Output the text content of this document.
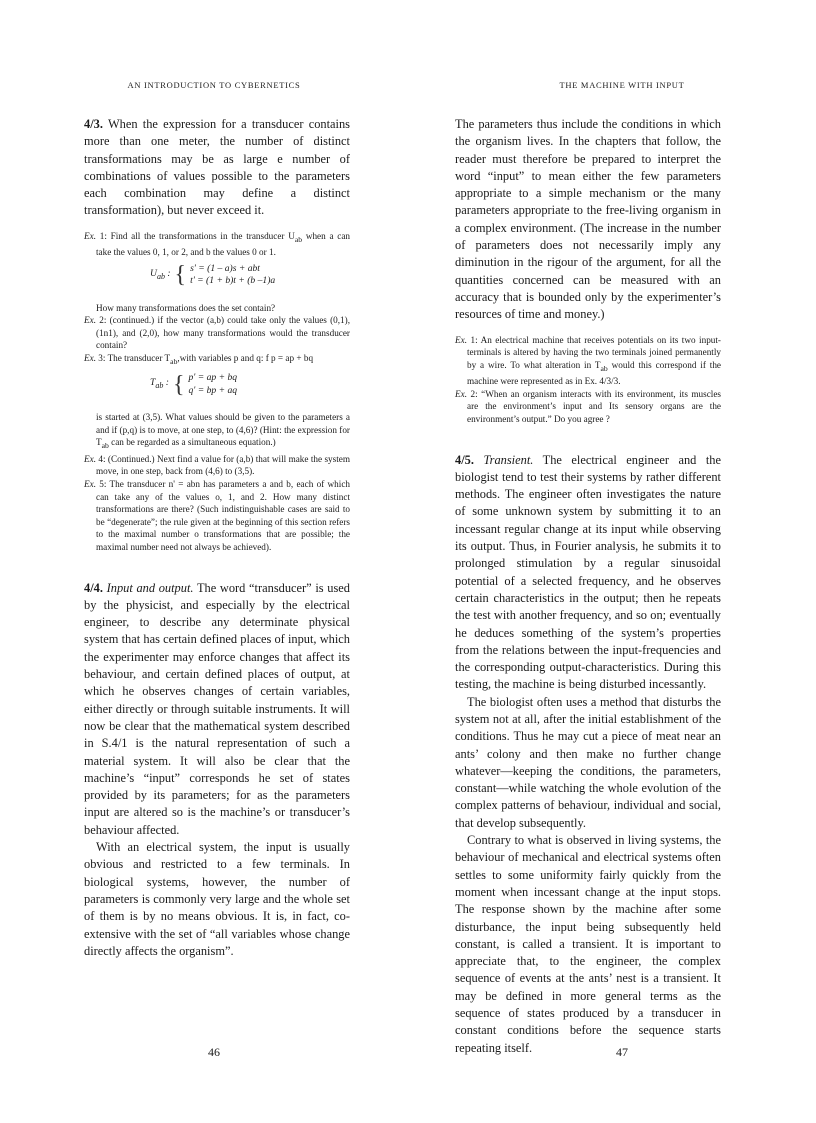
AN INTRODUCTION TO CYBERNETICS

4/3. When the expression for a transducer contains more than one meter, the number of distinct transformations may be as large e number of combinations of values possible to the parameters each combination may define a distinct transformation), but never exceed it.

Ex. 1: Find all the transformations in the transducer $U_{ab}$ when a can take the values 0, 1, or 2, and b the values 0 or 1.

$U_{ab}$ : { s' = (1 – a)s + abt
t' = (1 + b)t + (b –1)a

How many transformations does the set contain?

Ex. 2: (continued.) if the vector (a,b) could take only the values (0,1), (1n1), and (2,0), how many transformations would the transducer contain?

Ex. 3: The transducer $T_{ab},with$ variables p and q: f p = ap + bq

$T_{ab}$ : { p' = ap + bq
q' = bp + aq

is started at (3,5). What values should be given to the parameters a and if (p,q) is to move, at one step, to (4,6)? (Hint: the expression for $T_{ab}$ can be regarded as a simultaneous equation.)

Ex. 4: (Continued.) Next find a value for (a,b) that will make the system move, in one step, back from (4,6) to (3,5).

Ex. 5: The transducer n' = abn has parameters a and b, each of which can take any of the values o, 1, and 2. How many distinct transformations are there? (Such indistinguishable cases are said to be “degenerate”; the rule given at the beginning of this section refers to the maximal number o transformations that are possible; the maximal number need not always be achieved).

4/4. Input and output. The word “transducer” is used by the physicist, and especially by the electrical engineer, to describe any determinate physical system that has certain defined places of input, which the experimenter may enforce changes that affect its behaviour, and certain defined places of output, at which he observes changes of certain variables, either directly or through suitable instruments. It will now be clear that the mathematical system described in S.4/1 is the natural representation of such a material system. It will also be clear that the machine’s “input” corresponds he set of states provided by its parameters; for as the parameters input are altered so is the machine’s or transducer’s behaviour affected.

With an electrical system, the input is usually obvious and restricted to a few terminals. In biological systems, however, the number of parameters is commonly very large and the whole set of them is by no means obvious. It is, in fact, co-extensive with the set of “all variables whose change directly affects the organism”.

46
THE MACHINE WITH INPUT

The parameters thus include the conditions in which the organism lives. In the chapters that follow, the reader must therefore be prepared to interpret the word “input” to mean either the few parameters appropriate to a simple mechanism or the many parameters appropriate to the free-living organism in a complex environment. (The increase in the number of parameters does not necessarily imply any diminution in the rigour of the argument, for all the quantities concerned can be measured with an accuracy that is bounded only by the experimenter’s resources of time and money.)

Ex. 1: An electrical machine that receives potentials on its two input- terminals is altered by having the two terminals joined permanently by a wire. To what alteration in $T_{ab}$ would this correspond if the machine were represented as in Ex. 4/3/3.

Ex. 2: “When an organism interacts with its environment, its muscles are the environment’s input and Its sensory organs are the environment’s output.” Do you agree ?

4/5. Transient. The electrical engineer and the biologist tend to test their systems by rather different methods. The engineer often investigates the nature of some unknown system by submitting it to an incessant regular change at its input while observing its output. Thus, in Fourier analysis, he submits it to prolonged stimulation by a regular sinusoidal potential of a selected frequency, and he observes certain characteristics in the output; then he repeats the test with another frequency, and so on; eventually he deduces something of the system’s properties from the relations between the input-frequencies and the corresponding output-characteristics. During this testing, the machine is being disturbed incessantly.

The biologist often uses a method that disturbs the system not at all, after the initial establishment of the conditions. Thus he may cut a piece of meat near an ants’ colony and then make no further change whatever—keeping the conditions, the parameters, constant—while watching the whole evolution of the complex patterns of behaviour, individual and social, that develop subsequently.

Contrary to what is observed in living systems, the behaviour of mechanical and electrical systems often settles to some uniformity fairly quickly from the moment when incessant change at the input stops. The response shown by the machine after some disturbance, the input being subsequently held constant, is called a transient. It is important to appreciate that, to the engineer, the complex sequence of events at the ants’ nest is a transient. It may be defined in more general terms as the sequence of states produced by a transducer in constant conditions before the sequence starts repeating itself.	47
